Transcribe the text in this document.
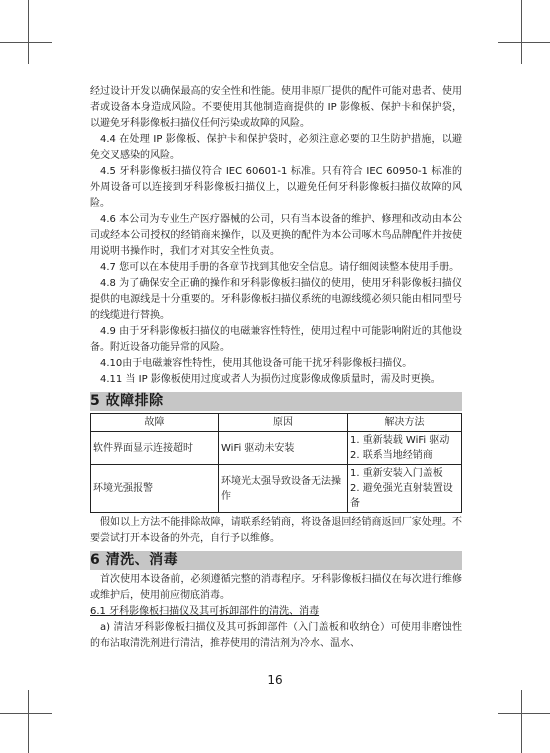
经过设计开发以确保最高的安全性和性能。使用非原厂提供的配件可能对患者、使用者或设备本身造成风险。不要使用其他制造商提供的 IP 影像板、保护卡和保护袋，以避免牙科影像板扫描仪任何污染或故障的风险。

4.4 在处理 IP 影像板、保护卡和保护袋时，必须注意必要的卫生防护措施，以避免交叉感染的风险。

4.5 牙科影像板扫描仪符合 IEC 60601-1 标准。只有符合 IEC 60950-1 标准的外周设备可以连接到牙科影像板扫描仪上，以避免任何牙科影像板扫描仪故障的风险。

4.6 本公司为专业生产医疗器械的公司，只有当本设备的维护、修理和改动由本公司或经本公司授权的经销商来操作，以及更换的配件为本公司啄木鸟品牌配件并按使用说明书操作时，我们才对其安全性负责。

4.7 您可以在本使用手册的各章节找到其他安全信息。请仔细阅读整本使用手册。

4.8 为了确保安全正确的操作和牙科影像板扫描仪的使用，使用牙科影像板扫描仪提供的电源线是十分重要的。牙科影像板扫描仪系统的电源线缆必须只能由相同型号的线缆进行替换。

4.9 由于牙科影像板扫描仪的电磁兼容性特性，使用过程中可能影响附近的其他设备。附近设备功能异常的风险。

4.10由于电磁兼容性特性，使用其他设备可能干扰牙科影像板扫描仪。

4.11 当 IP 影像板使用过度或者人为损伤过度影像成像质量时，需及时更换。

5 故障排除
故障	原因	解决方法
软件界面显示连接超时	WiFi 驱动未安装	1. 重新装载 WiFi 驱动
2. 联系当地经销商

环境光强报警	环境光太强导致设备无法操作	1. 重新安装入门盖板
2. 避免强光直射装置设备

假如以上方法不能排除故障，请联系经销商，将设备退回经销商返回厂家处理。不要尝试打开本设备的外壳，自行予以维修。

6 清洗、消毒

首次使用本设备前，必须遵循完整的消毒程序。牙科影像板扫描仪在每次进行维修或维护后，使用前应彻底消毒。

6.1 牙科影像板扫描仪及其可拆卸部件的清洗、消毒

a) 清洁牙科影像板扫描仪及其可拆卸部件（入门盖板和收纳仓）可使用非磨蚀性的布沾取清洗剂进行清洁，推荐使用的清洁剂为冷水、温水、

16
